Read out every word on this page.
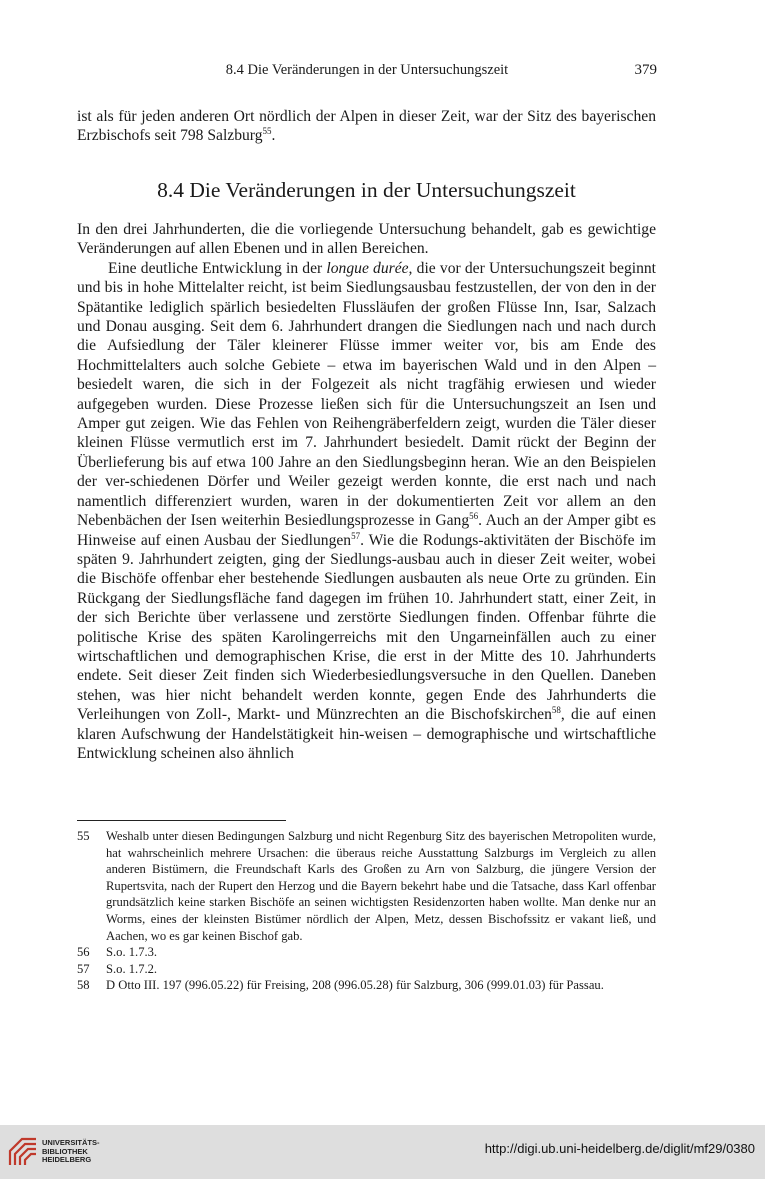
8.4 Die Veränderungen in der Untersuchungszeit	379

ist als für jeden anderen Ort nördlich der Alpen in dieser Zeit, war der Sitz des bayerischen Erzbischofs seit 798 Salzburg$^{55}$.

8.4 Die Veränderungen in der Untersuchungszeit

In den drei Jahrhunderten, die die vorliegende Untersuchung behandelt, gab es gewichtige Veränderungen auf allen Ebenen und in allen Bereichen.

Eine deutliche Entwicklung in der longue durée, die vor der Untersuchungszeit beginnt und bis in hohe Mittelalter reicht, ist beim Siedlungsausbau festzustellen, der von den in der Spätantike lediglich spärlich besiedelten Flussläufen der großen Flüsse Inn, Isar, Salzach und Donau ausging. Seit dem 6. Jahrhundert drangen die Siedlungen nach und nach durch die Aufsiedlung der Täler kleinerer Flüsse immer weiter vor, bis am Ende des Hochmittelalters auch solche Gebiete – etwa im bayerischen Wald und in den Alpen – besiedelt waren, die sich in der Folgezeit als nicht tragfähig erwiesen und wieder aufgegeben wurden. Diese Prozesse ließen sich für die Untersuchungszeit an Isen und Amper gut zeigen. Wie das Fehlen von Reihengräberfeldern zeigt, wurden die Täler dieser kleinen Flüsse vermutlich erst im 7. Jahrhundert besiedelt. Damit rückt der Beginn der Überlieferung bis auf etwa 100 Jahre an den Siedlungsbeginn heran. Wie an den Beispielen der ver-schiedenen Dörfer und Weiler gezeigt werden konnte, die erst nach und nach namentlich differenziert wurden, waren in der dokumentierten Zeit vor allem an den Nebenbächen der Isen weiterhin Besiedlungsprozesse in Gang$^{56}$. Auch an der Amper gibt es Hinweise auf einen Ausbau der Siedlungen$^{57}$. Wie die Rodungs-aktivitäten der Bischöfe im späten 9. Jahrhundert zeigten, ging der Siedlungs-ausbau auch in dieser Zeit weiter, wobei die Bischöfe offenbar eher bestehende Siedlungen ausbauten als neue Orte zu gründen. Ein Rückgang der Siedlungsfläche fand dagegen im frühen 10. Jahrhundert statt, einer Zeit, in der sich Berichte über verlassene und zerstörte Siedlungen finden. Offenbar führte die politische Krise des späten Karolingerreichs mit den Ungarneinfällen auch zu einer wirtschaftlichen und demographischen Krise, die erst in der Mitte des 10. Jahrhunderts endete. Seit dieser Zeit finden sich Wiederbesiedlungsversuche in den Quellen. Daneben stehen, was hier nicht behandelt werden konnte, gegen Ende des Jahrhunderts die Verleihungen von Zoll-, Markt- und Münzrechten an die Bischofskirchen$^{58}$, die auf einen klaren Aufschwung der Handelstätigkeit hin-weisen – demographische und wirtschaftliche Entwicklung scheinen also ähnlich

55	Weshalb unter diesen Bedingungen Salzburg und nicht Regenburg Sitz des bayerischen Metropoliten wurde, hat wahrscheinlich mehrere Ursachen: die überaus reiche Ausstattung Salzburgs im Vergleich zu allen anderen Bistümern, die Freundschaft Karls des Großen zu Arn von Salzburg, die jüngere Version der Rupertsvita, nach der Rupert den Herzog und die Bayern bekehrt habe und die Tatsache, dass Karl offenbar grundsätzlich keine starken Bischöfe an seinen wichtigsten Residenzorten haben wollte. Man denke nur an Worms, eines der kleinsten Bistümer nördlich der Alpen, Metz, dessen Bischofssitz er vakant ließ, und Aachen, wo es gar keinen Bischof gab.
56	S.o. 1.7.3.
57	S.o. 1.7.2.
58	D Otto III. 197 (996.05.22) für Freising, 208 (996.05.28) für Salzburg, 306 (999.01.03) für Passau.
UNIVERSITÄTS-
BIBLIOTHEK
HEIDELBERG
http://digi.ub.uni-heidelberg.de/diglit/mf29/0380
